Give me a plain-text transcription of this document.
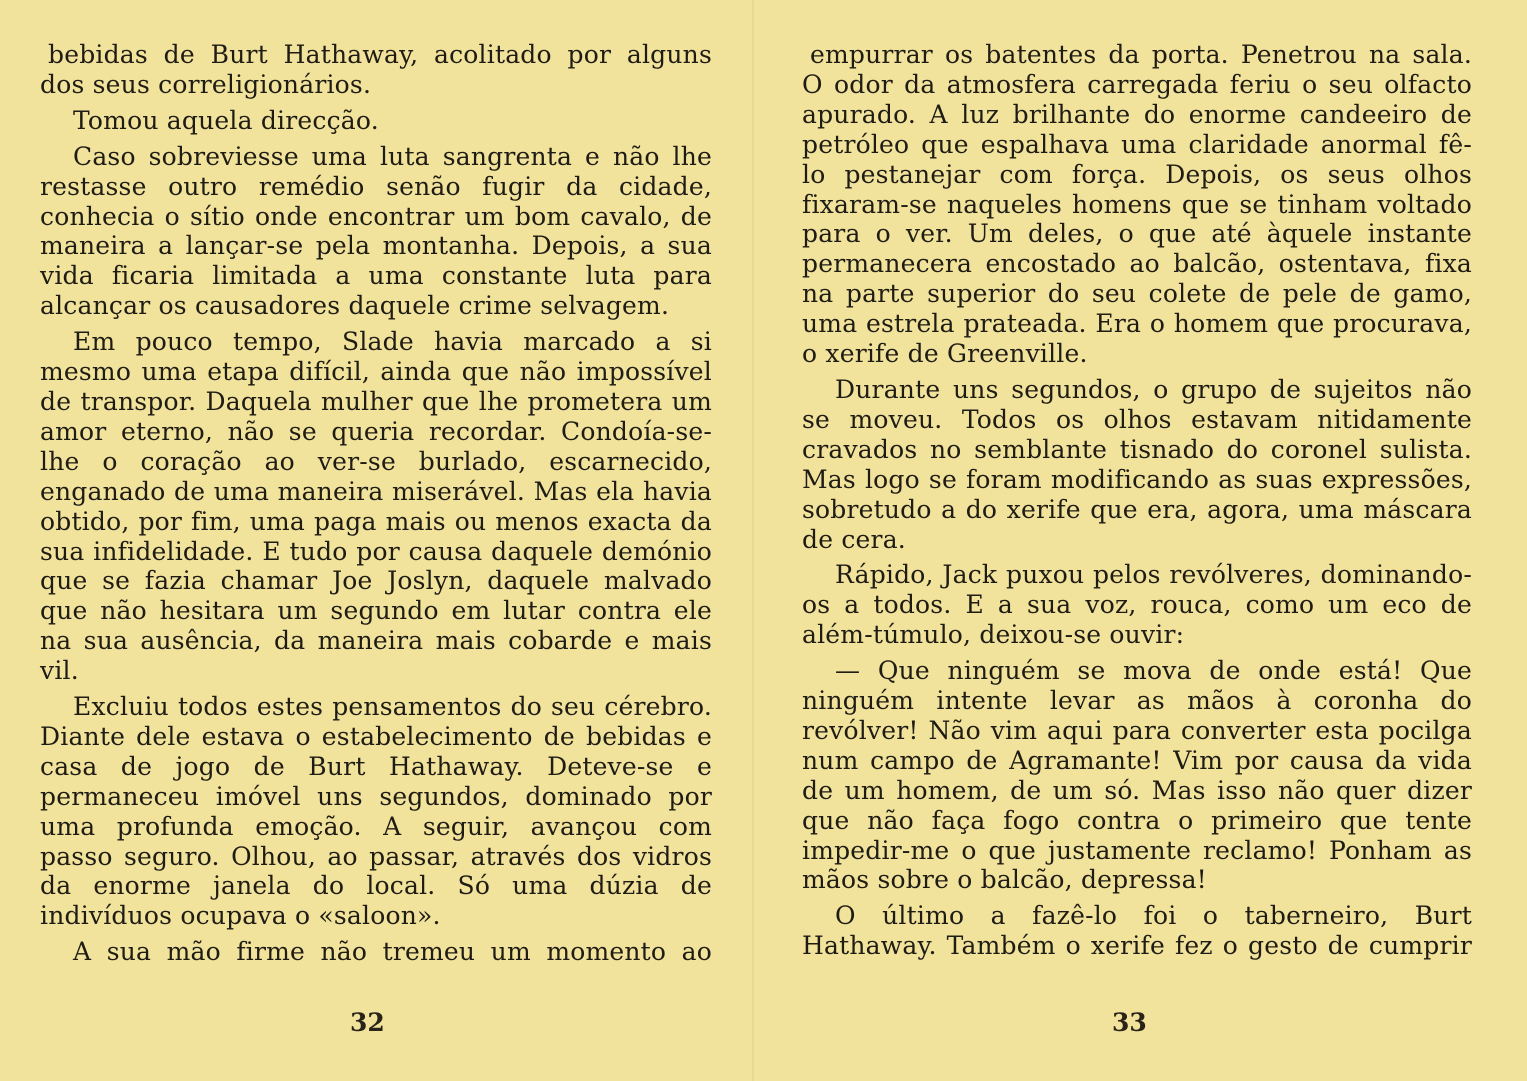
bebidas de Burt Hathaway, acolitado por alguns dos seus correligionários.

Tomou aquela direcção.

Caso sobreviesse uma luta sangrenta e não lhe restasse outro remédio senão fugir da cidade, conhecia o sítio onde encontrar um bom cavalo, de maneira a lançar-se pela montanha. Depois, a sua vida ficaria limitada a uma constante luta para alcançar os causadores daquele crime selvagem.

Em pouco tempo, Slade havia marcado a si mesmo uma etapa difícil, ainda que não impossível de transpor. Daquela mulher que lhe prometera um amor eterno, não se queria recordar. Condoía-se-lhe o coração ao ver-se burlado, escarnecido, enganado de uma maneira miserável. Mas ela havia obtido, por fim, uma paga mais ou menos exacta da sua infidelidade. E tudo por causa daquele demónio que se fazia chamar Joe Joslyn, daquele malvado que não hesitara um segundo em lutar contra ele na sua ausência, da maneira mais cobarde e mais vil.

Excluiu todos estes pensamentos do seu cérebro. Diante dele estava o estabelecimento de bebidas e casa de jogo de Burt Hathaway. Deteve-se e permaneceu imóvel uns segundos, dominado por uma profunda emoção. A seguir, avançou com passo seguro. Olhou, ao passar, através dos vidros da enorme janela do local. Só uma dúzia de indivíduos ocupava o «saloon».

A sua mão firme não tremeu um momento ao

32

empurrar os batentes da porta. Penetrou na sala. O odor da atmosfera carregada feriu o seu olfacto apurado. A luz brilhante do enorme candeeiro de petróleo que espalhava uma claridade anormal fê-lo pestanejar com força. Depois, os seus olhos fixaram-se naqueles homens que se tinham voltado para o ver. Um deles, o que até àquele instante permanecera encostado ao balcão, ostentava, fixa na parte superior do seu colete de pele de gamo, uma estrela prateada. Era o homem que procurava, o xerife de Greenville.

Durante uns segundos, o grupo de sujeitos não se moveu. Todos os olhos estavam nitidamente cravados no semblante tisnado do coronel sulista. Mas logo se foram modificando as suas expressões, sobretudo a do xerife que era, agora, uma máscara de cera.

Rápido, Jack puxou pelos revólveres, dominando-os a todos. E a sua voz, rouca, como um eco de além-túmulo, deixou-se ouvir:

— Que ninguém se mova de onde está! Que ninguém intente levar as mãos à coronha do revólver! Não vim aqui para converter esta pocilga num campo de Agramante! Vim por causa da vida de um homem, de um só. Mas isso não quer dizer que não faça fogo contra o primeiro que tente impedir-me o que justamente reclamo! Ponham as mãos sobre o balcão, depressa!

O último a fazê-lo foi o taberneiro, Burt Hathaway. Também o xerife fez o gesto de cumprir

33
